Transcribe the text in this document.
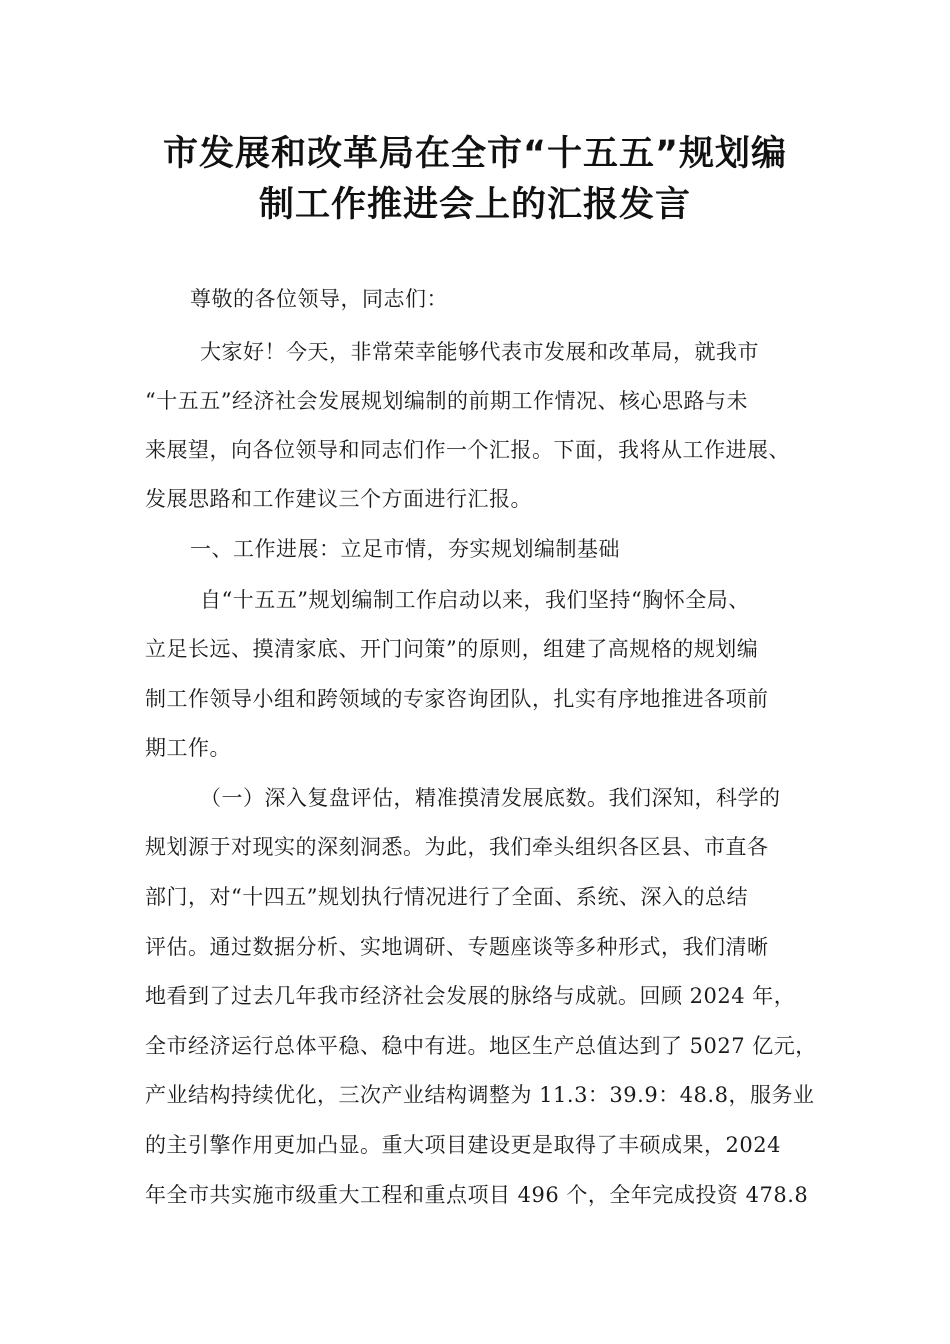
市发展和改革局在全市“十五五”规划编
制工作推进会上的汇报发言
尊敬的各位领导，同志们：
大家好！今天，非常荣幸能够代表市发展和改革局，就我市
“十五五”经济社会发展规划编制的前期工作情况、核心思路与未
来展望，向各位领导和同志们作一个汇报。下面，我将从工作进展、
发展思路和工作建议三个方面进行汇报。
一、工作进展：立足市情，夯实规划编制基础
自“十五五”规划编制工作启动以来，我们坚持“胸怀全局、
立足长远、摸清家底、开门问策”的原则，组建了高规格的规划编
制工作领导小组和跨领域的专家咨询团队，扎实有序地推进各项前
期工作。
（一）深入复盘评估，精准摸清发展底数。我们深知，科学的
规划源于对现实的深刻洞悉。为此，我们牵头组织各区县、市直各
部门，对“十四五”规划执行情况进行了全面、系统、深入的总结
评估。通过数据分析、实地调研、专题座谈等多种形式，我们清晰
地看到了过去几年我市经济社会发展的脉络与成就。回顾 2024 年，
全市经济运行总体平稳、稳中有进。地区生产总值达到了 5027 亿元，
产业结构持续优化，三次产业结构调整为 11.3：39.9：48.8，服务业
的主引擎作用更加凸显。重大项目建设更是取得了丰硕成果，2024
年全市共实施市级重大工程和重点项目 496 个，全年完成投资 478.8
